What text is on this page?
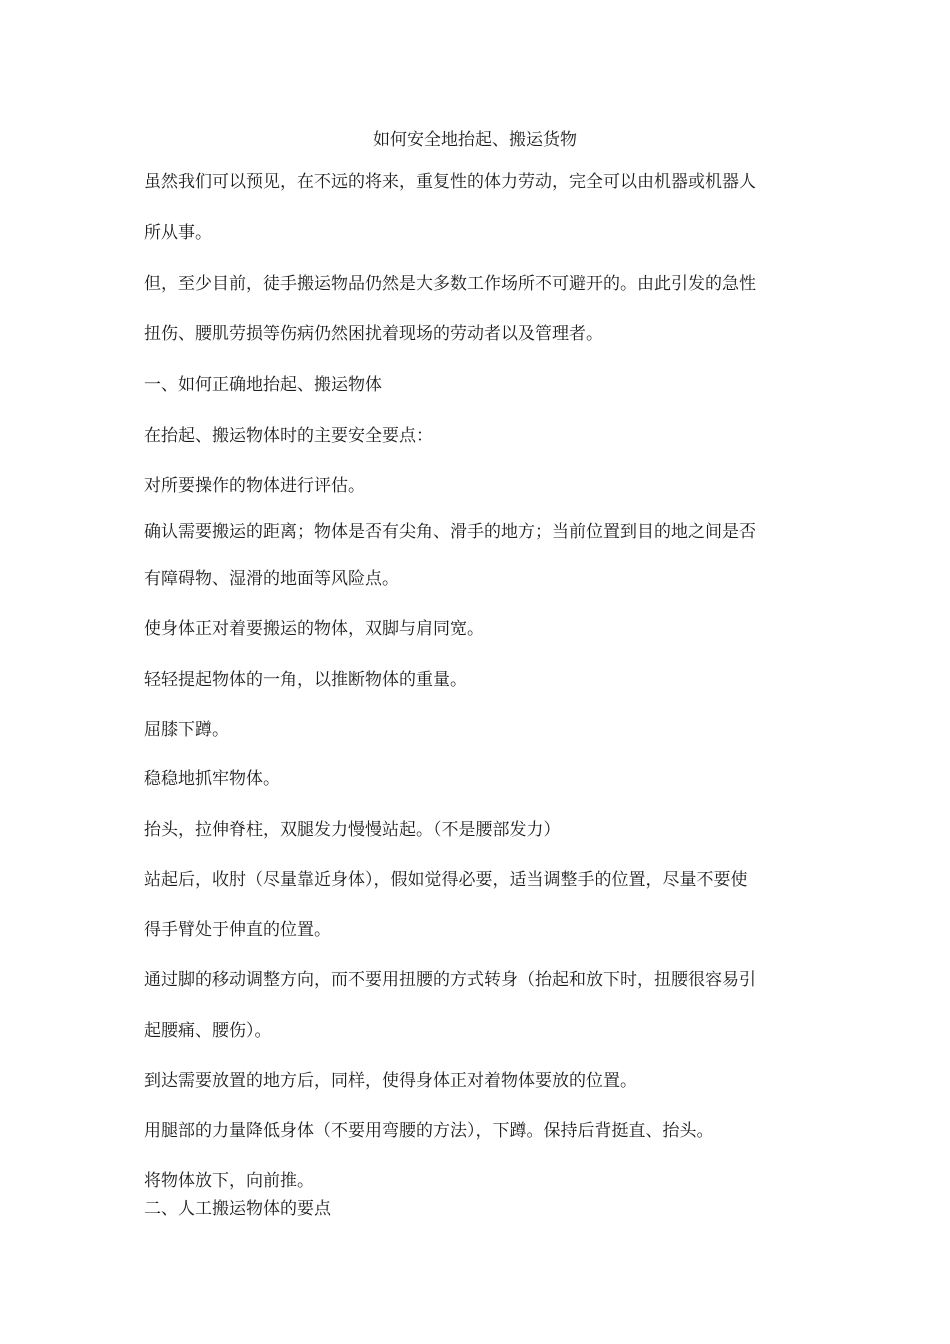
如何安全地抬起、搬运货物
虽然我们可以预见，在不远的将来，重复性的体力劳动，完全可以由机器或机器人
所从事。
但，至少目前，徒手搬运物品仍然是大多数工作场所不可避开的。由此引发的急性
扭伤、腰肌劳损等伤病仍然困扰着现场的劳动者以及管理者。
一、如何正确地抬起、搬运物体
在抬起、搬运物体时的主要安全要点：
对所要操作的物体进行评估。
确认需要搬运的距离；物体是否有尖角、滑手的地方；当前位置到目的地之间是否
有障碍物、湿滑的地面等风险点。
使身体正对着要搬运的物体，双脚与肩同宽。
轻轻提起物体的一角，以推断物体的重量。
屈膝下蹲。
稳稳地抓牢物体。
抬头，拉伸脊柱，双腿发力慢慢站起。（不是腰部发力）
站起后，收肘（尽量靠近身体），假如觉得必要，适当调整手的位置，尽量不要使
得手臂处于伸直的位置。
通过脚的移动调整方向，而不要用扭腰的方式转身（抬起和放下时，扭腰很容易引
起腰痛、腰伤）。
到达需要放置的地方后，同样，使得身体正对着物体要放的位置。
用腿部的力量降低身体（不要用弯腰的方法），下蹲。保持后背挺直、抬头。
将物体放下，向前推。
二、人工搬运物体的要点
